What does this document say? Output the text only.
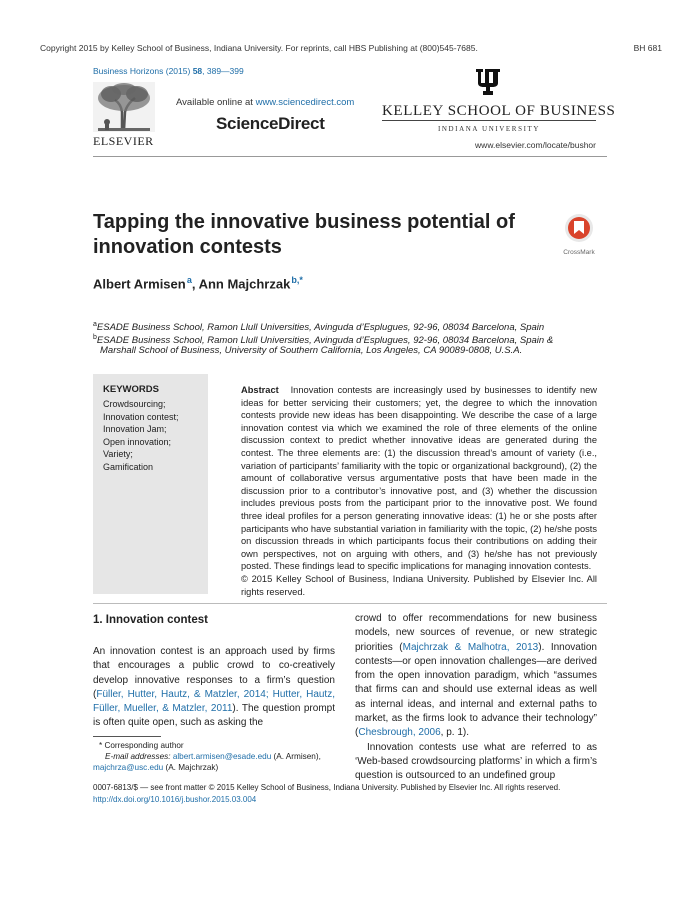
Copyright 2015 by Kelley School of Business, Indiana University. For reprints, call HBS Publishing at (800)545-7685.	BH 681
Business Horizons (2015) 58, 389—399
ELSEVIER
Available online at www.sciencedirect.com
ScienceDirect
KELLEY SCHOOL OF BUSINESS
INDIANA UNIVERSITY
www.elsevier.com/locate/bushor
Tapping the innovative business potential of innovation contests	CrossMark
Albert Armisen $^a$, Ann Majchrzak $^{b,*}$
$^a$ESADE Business School, Ramon Llull Universities, Avinguda d’Esplugues, 92-96, 08034 Barcelona, Spain
$^b$ESADE Business School, Ramon Llull Universities, Avinguda d’Esplugues, 92-96, 08034 Barcelona, Spain &
Marshall School of Business, University of Southern California, Los Angeles, CA 90089-0808, U.S.A.
KEYWORDS
Crowdsourcing;
Innovation contest;
Innovation Jam;
Open innovation;
Variety;
Gamification
Abstract Innovation contests are increasingly used by businesses to identify new ideas for better servicing their customers; yet, the degree to which the innovation contests provide new ideas has been disappointing. We describe the case of a large innovation contest via which we examined the role of three elements of the online discussion context to predict whether innovative ideas are generated during the contest. The three elements are: (1) the discussion thread’s amount of variety (i.e., variation of participants’ familiarity with the topic or organizational background), (2) the amount of collaborative versus argumentative posts that have been made in the discussion prior to a contributor’s innovative post, and (3) whether the discussion includes previous posts from the participant prior to the innovative post. We found three ideal profiles for a person generating innovative ideas: (1) he or she posts after participants who have substantial variation in familiarity with the topic, (2) he/she posts on discussion threads in which participants focus their contributions on adding their own perspectives, not on arguing with others, and (3) he/she has not previously posted. These findings lead to specific implications for managing innovation contests.
© 2015 Kelley School of Business, Indiana University. Published by Elsevier Inc. All rights reserved.
1. Innovation contest
An innovation contest is an approach used by firms that encourages a public crowd to co-creatively develop innovative responses to a firm’s question (Füller, Hutter, Hautz, & Matzler, 2014; Hutter, Hautz, Füller, Mueller, & Matzler, 2011). The question prompt is often quite open, such as asking the

crowd to offer recommendations for new business models, new sources of revenue, or new strategic priorities (Majchrzak & Malhotra, 2013). Innovation contests—or open innovation challenges—are derived from the open innovation paradigm, which “assumes that firms can and should use external ideas as well as internal ideas, and internal and external paths to market, as the firms look to advance their technology” (Chesbrough, 2006, p. 1).

Innovation contests use what are referred to as ‘Web-based crowdsourcing platforms’ in which a firm’s question is outsourced to an undefined group

* Corresponding author
E-mail addresses: albert.armisen@esade.edu (A. Armisen),
majchrza@usc.edu (A. Majchrzak)
0007-6813/$ — see front matter © 2015 Kelley School of Business, Indiana University. Published by Elsevier Inc. All rights reserved.
http://dx.doi.org/10.1016/j.bushor.2015.03.004
